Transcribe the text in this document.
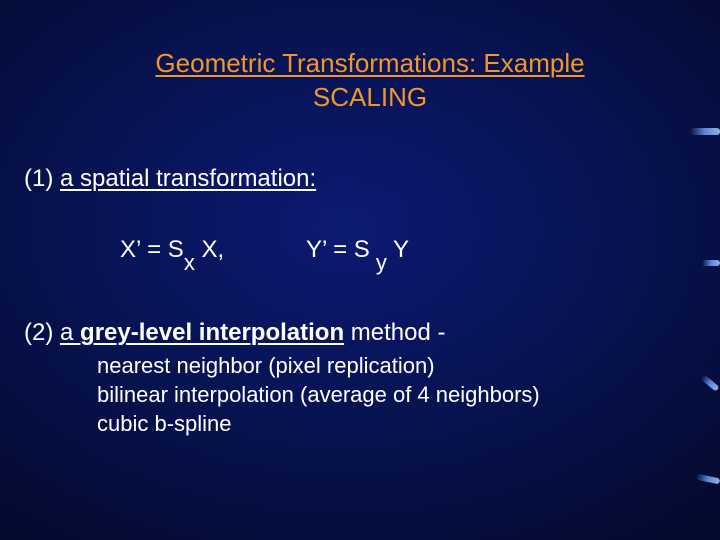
Geometric Transformations: Example
SCALING
(1) a spatial transformation:
X’ = Sx X,	Y’ = S y Y
(2) a grey-level interpolation method -
nearest neighbor (pixel replication)
bilinear interpolation (average of 4 neighbors)
cubic b-spline
